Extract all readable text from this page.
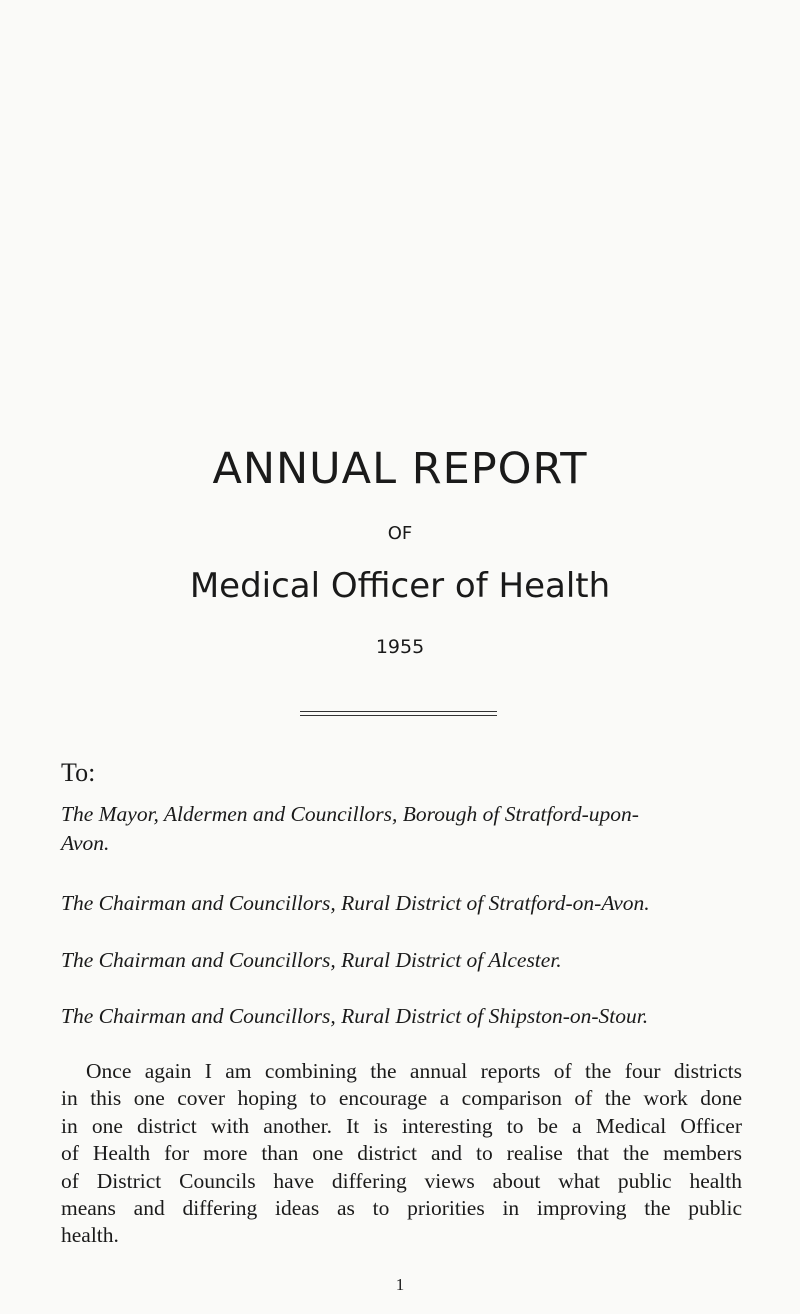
ANNUAL REPORT
OF
Medical Officer of Health
1955
To:
The Mayor, Aldermen and Councillors, Borough of Stratford-upon-
Avon.
The Chairman and Councillors, Rural District of Stratford-on-Avon.
The Chairman and Councillors, Rural District of Alcester.
The Chairman and Councillors, Rural District of Shipston-on-Stour.
Once again I am combining the annual reports of the four districts
in this one cover hoping to encourage a comparison of the work done
in one district with another. It is interesting to be a Medical Officer
of Health for more than one district and to realise that the members
of District Councils have differing views about what public health
means and differing ideas as to priorities in improving the public
health.
1
